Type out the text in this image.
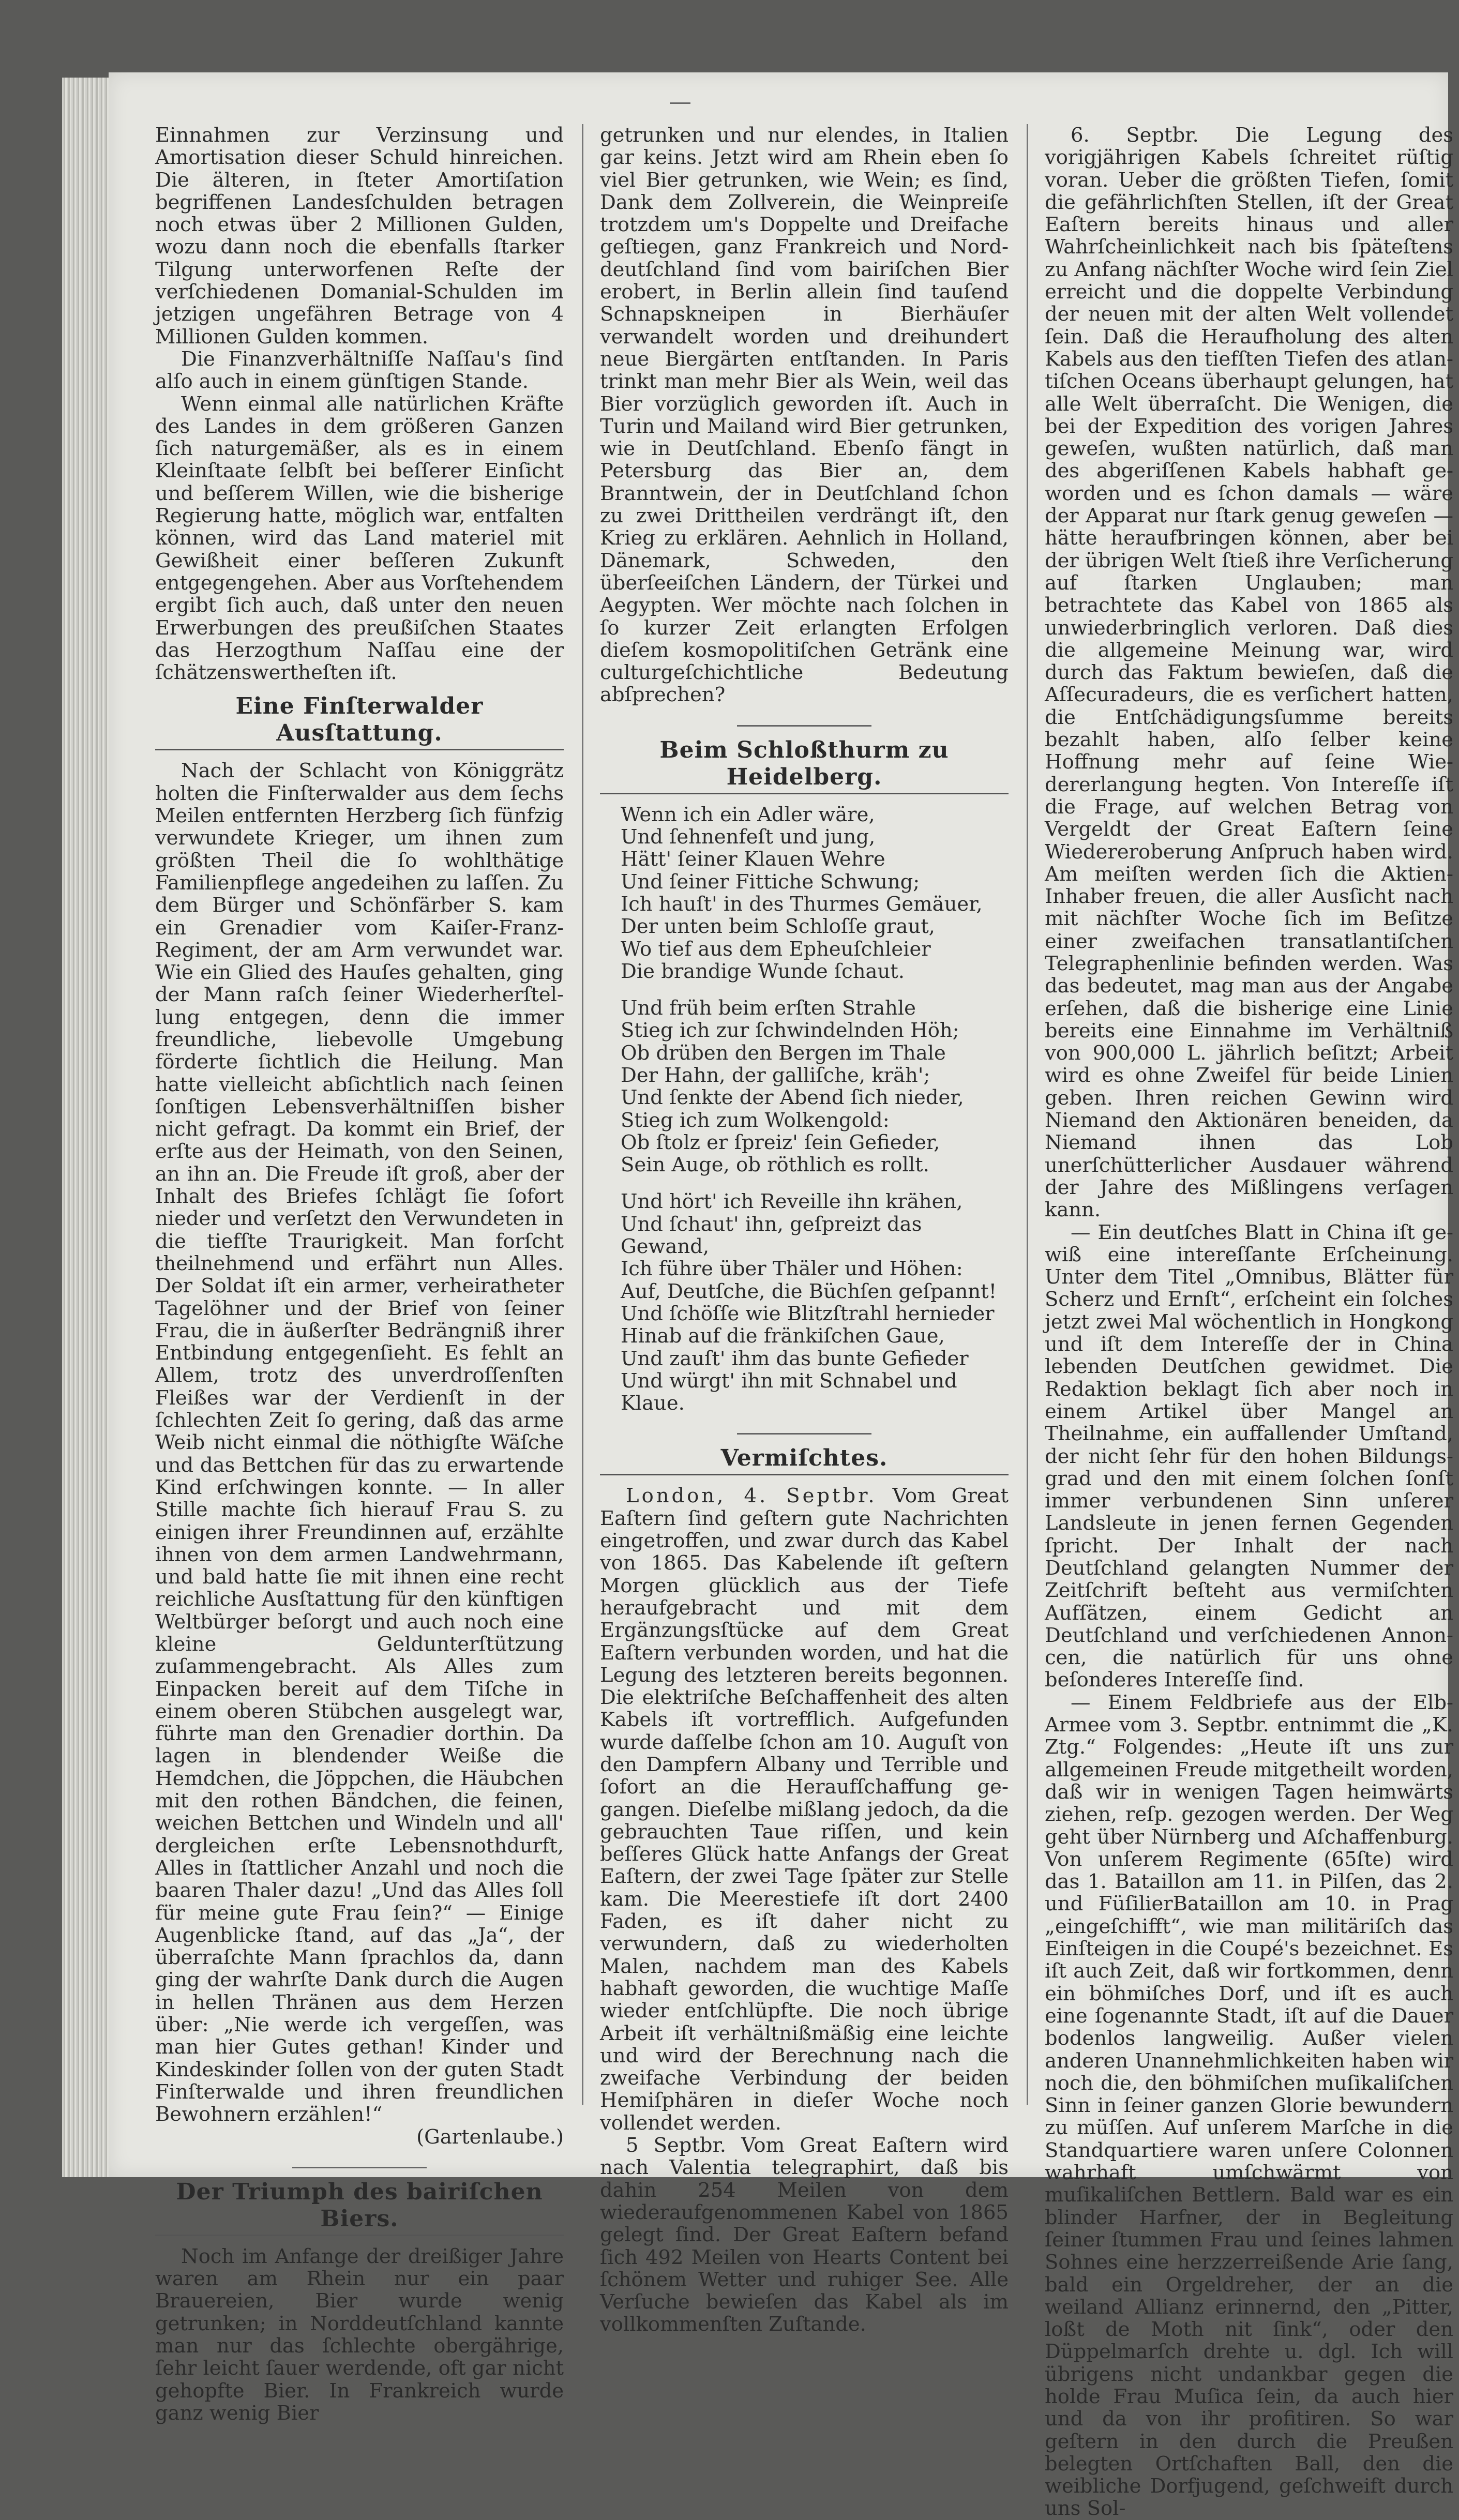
Einnahmen zur Verzinsung und Amortisation dieser Schuld hinreichen. Die älteren, in ſteter Amortiſation begriffenen Landesſchulden betragen noch etwas über 2 Millionen Gulden, wozu dann noch die ebenfalls ſtarker Tilgung unterworfenen Reſte der verſchiedenen Domanial-Schulden im jetzigen ungefähren Betrage von 4 Millionen Gulden kommen.

Die Finanzverhältniſſe Naſſau's ſind alſo auch in einem günſtigen Stande.

Wenn einmal alle natürlichen Kräfte des Landes in dem größeren Ganzen ſich naturgemäßer, als es in einem Kleinſtaate ſelbſt bei beſſerer Einſicht und beſſerem Willen, wie die bisherige Regierung hatte, möglich war, entfalten können, wird das Land materiel mit Gewißheit einer beſſeren Zukunft entgegengehen. Aber aus Vorſtehendem ergibt ſich auch, daß unter den neuen Erwerbungen des preußiſchen Staates das Herzogthum Naſſau eine der ſchätzenswertheſten iſt.

Eine Finſterwalder Ausſtattung.

Nach der Schlacht von Königgrätz holten die Finſterwalder aus dem ſechs Meilen entfernten Herzberg ſich fünfzig verwundete Krieger, um ihnen zum größten Theil die ſo wohlthätige Familienpflege angedeihen zu laſſen. Zu dem Bürger und Schönfärber S. kam ein Grenadier vom Kaiſer-Franz-Regiment, der am Arm verwundet war. Wie ein Glied des Hauſes gehalten, ging der Mann raſch ſeiner Wiederherſtellung entgegen, denn die immer freundliche, liebevolle Umgebung förderte ſichtlich die Heilung. Man hatte vielleicht abſichtlich nach ſeinen ſonſtigen Lebensverhältniſſen bisher nicht gefragt. Da kommt ein Brief, der erſte aus der Heimath, von den Seinen, an ihn an. Die Freude iſt groß, aber der Inhalt des Briefes ſchlägt ſie ſofort nieder und verſetzt den Verwundeten in die tiefſte Traurigkeit. Man forſcht theilnehmend und erfährt nun Alles. Der Soldat iſt ein armer, verheiratheter Tagelöhner und der Brief von ſeiner Frau, die in äußerſter Bedrängniß ihrer Entbindung entgegenſieht. Es fehlt an Allem, trotz des unverdroſſenſten Fleißes war der Verdienſt in der ſchlechten Zeit ſo gering, daß das arme Weib nicht einmal die nöthigſte Wäſche und das Bettchen für das zu erwartende Kind erſchwingen konnte. — In aller Stille machte ſich hierauf Frau S. zu einigen ihrer Freundinnen auf, erzählte ihnen von dem armen Landwehrmann, und bald hatte ſie mit ihnen eine recht reichliche Ausſtattung für den künftigen Weltbürger beſorgt und auch noch eine kleine Geldunterſtützung zuſammengebracht. Als Alles zum Einpacken bereit auf dem Tiſche in einem oberen Stübchen ausgelegt war, führte man den Grenadier dorthin. Da lagen in blendender Weiße die Hemdchen, die Jöppchen, die Häubchen mit den rothen Bändchen, die feinen, weichen Bettchen und Windeln und all' dergleichen erſte Lebensnothdurft, Alles in ſtattlicher Anzahl und noch die baaren Thaler dazu! „Und das Alles ſoll für meine gute Frau ſein?“ — Einige Augenblicke ſtand, auf das „Ja“, der überraſchte Mann ſprachlos da, dann ging der wahrſte Dank durch die Augen in hellen Thränen aus dem Herzen über: „Nie werde ich vergeſſen, was man hier Gutes gethan! Kinder und Kindeskinder ſollen von der guten Stadt Finſterwalde und ihren freundlichen Bewohnern erzählen!“

(Gartenlaube.)

Der Triumph des bairiſchen Biers.

Noch im Anfange der dreißiger Jahre waren am Rhein nur ein paar Brauereien, Bier wurde wenig getrunken; in Norddeutſchland kannte man nur das ſchlechte obergährige, ſehr leicht ſauer werdende, oft gar nicht gehopfte Bier. In Frankreich wurde ganz wenig Bier

getrunken und nur elendes, in Italien gar keins. Jetzt wird am Rhein eben ſo viel Bier getrunken, wie Wein; es ſind, Dank dem Zollverein, die Weinpreiſe trotzdem um's Doppelte und Dreifache geſtiegen, ganz Frankreich und Norddeutſchland ſind vom bairiſchen Bier erobert, in Berlin allein ſind tauſend Schnapskneipen in Bierhäuſer verwandelt worden und dreihundert neue Biergärten entſtanden. In Paris trinkt man mehr Bier als Wein, weil das Bier vorzüglich geworden iſt. Auch in Turin und Mailand wird Bier getrunken, wie in Deutſchland. Ebenſo fängt in Petersburg das Bier an, dem Branntwein, der in Deutſchland ſchon zu zwei Drittheilen verdrängt iſt, den Krieg zu erklären. Aehnlich in Holland, Dänemark, Schweden, den überſeeiſchen Ländern, der Türkei und Aegypten. Wer möchte nach ſolchen in ſo kurzer Zeit erlangten Erfolgen dieſem kosmopolitiſchen Getränk eine culturgeſchichtliche Bedeutung abſprechen?

Beim Schloßthurm zu Heidelberg.
Wenn ich ein Adler wäre,
Und ſehnenfeſt und jung,
Hätt' ſeiner Klauen Wehre
Und ſeiner Fittiche Schwung;
Ich hauſt' in des Thurmes Gemäuer,
Der unten beim Schloſſe graut,
Wo tief aus dem Epheuſchleier
Die brandige Wunde ſchaut.
Und früh beim erſten Strahle
Stieg ich zur ſchwindelnden Höh;
Ob drüben den Bergen im Thale
Der Hahn, der galliſche, kräh';
Und ſenkte der Abend ſich nieder,
Stieg ich zum Wolkengold:
Ob ſtolz er ſpreiz' ſein Gefieder,
Sein Auge, ob röthlich es rollt.
Und hört' ich Reveille ihn krähen,
Und ſchaut' ihn, geſpreizt das Gewand,
Ich führe über Thäler und Höhen:
Auf, Deutſche, die Büchſen geſpannt!
Und ſchöſſe wie Blitzſtrahl hernieder
Hinab auf die fränkiſchen Gaue,
Und zauſt' ihm das bunte Gefieder
Und würgt' ihn mit Schnabel und Klaue.
Vermiſchtes.

London, 4. Septbr. Vom Great Eaſtern ſind geſtern gute Nachrichten eingetroffen, und zwar durch das Kabel von 1865. Das Kabelende iſt geſtern Morgen glücklich aus der Tiefe heraufgebracht und mit dem Ergänzungsſtücke auf dem Great Eaſtern verbunden worden, und hat die Legung des letzteren bereits begonnen. Die elektriſche Beſchaffenheit des alten Kabels iſt vortrefflich. Aufgefunden wurde daſſelbe ſchon am 10. Auguſt von den Dampfern Albany und Terrible und ſofort an die Heraufſchaffung gegangen. Dieſelbe mißlang jedoch, da die gebrauchten Taue riſſen, und kein beſſeres Glück hatte Anfangs der Great Eaſtern, der zwei Tage ſpäter zur Stelle kam. Die Meerestiefe iſt dort 2400 Faden, es iſt daher nicht zu verwundern, daß zu wiederholten Malen, nachdem man des Kabels habhaft geworden, die wuchtige Maſſe wieder entſchlüpfte. Die noch übrige Arbeit iſt verhältnißmäßig eine leichte und wird der Berechnung nach die zweifache Verbindung der beiden Hemiſphären in dieſer Woche noch vollendet werden.

5 Septbr. Vom Great Eaſtern wird nach Valentia telegraphirt, daß bis dahin 254 Meilen von dem wiederaufgenommenen Kabel von 1865 gelegt ſind. Der Great Eaſtern befand ſich 492 Meilen von Hearts Content bei ſchönem Wetter und ruhiger See. Alle Verſuche bewieſen das Kabel als im vollkommenſten Zuſtande.

6. Septbr. Die Legung des vorigjährigen Kabels ſchreitet rüſtig voran. Ueber die größten Tiefen, ſomit die gefährlichſten Stellen, iſt der Great Eaſtern bereits hinaus und aller Wahrſcheinlichkeit nach bis ſpäteſtens zu Anfang nächſter Woche wird ſein Ziel erreicht und die doppelte Verbindung der neuen mit der alten Welt vollendet ſein. Daß die Heraufholung des alten Kabels aus den tiefſten Tiefen des atlantiſchen Oceans überhaupt gelungen, hat alle Welt überraſcht. Die Wenigen, die bei der Expedition des vorigen Jahres geweſen, wußten natürlich, daß man des abgeriſſenen Kabels habhaft geworden und es ſchon damals — wäre der Apparat nur ſtark genug geweſen — hätte heraufbringen können, aber bei der übrigen Welt ſtieß ihre Verſicherung auf ſtarken Unglauben; man betrachtete das Kabel von 1865 als unwiederbringlich verloren. Daß dies die allgemeine Meinung war, wird durch das Faktum bewieſen, daß die Aſſecuradeurs, die es verſichert hatten, die Entſchädigungsſumme bereits bezahlt haben, alſo ſelber keine Hoffnung mehr auf ſeine Wiedererlangung hegten. Von Intereſſe iſt die Frage, auf welchen Betrag von Vergeldt der Great Eaſtern ſeine Wiedereroberung Anſpruch haben wird. Am meiſten werden ſich die AktienInhaber freuen, die aller Ausſicht nach mit nächſter Woche ſich im Beſitze einer zweifachen transatlantiſchen Telegraphenlinie befinden werden. Was das bedeutet, mag man aus der Angabe erſehen, daß die bisherige eine Linie bereits eine Einnahme im Verhältniß von 900,000 L. jährlich beſitzt; Arbeit wird es ohne Zweifel für beide Linien geben. Ihren reichen Gewinn wird Niemand den Aktionären beneiden, da Niemand ihnen das Lob unerſchütterlicher Ausdauer während der Jahre des Mißlingens verſagen kann.

— Ein deutſches Blatt in China iſt gewiß eine intereſſante Erſcheinung. Unter dem Titel „Omnibus, Blätter für Scherz und Ernſt“, erſcheint ein ſolches jetzt zwei Mal wöchentlich in Hongkong und iſt dem Intereſſe der in China lebenden Deutſchen gewidmet. Die Redaktion beklagt ſich aber noch in einem Artikel über Mangel an Theilnahme, ein auffallender Umſtand, der nicht ſehr für den hohen Bildungsgrad und den mit einem ſolchen ſonſt immer verbundenen Sinn unſerer Landsleute in jenen fernen Gegenden ſpricht. Der Inhalt der nach Deutſchland gelangten Nummer der Zeitſchrift beſteht aus vermiſchten Aufſätzen, einem Gedicht an Deutſchland und verſchiedenen Annoncen, die natürlich für uns ohne beſonderes Intereſſe ſind.

— Einem Feldbriefe aus der Elb-Armee vom 3. Septbr. entnimmt die „K. Ztg.“ Folgendes: „Heute iſt uns zur allgemeinen Freude mitgetheilt worden, daß wir in wenigen Tagen heimwärts ziehen, reſp. gezogen werden. Der Weg geht über Nürnberg und Aſchaffenburg. Von unſerem Regimente (65ſte) wird das 1. Bataillon am 11. in Pilſen, das 2. und FüſilierBataillon am 10. in Prag „eingeſchifft“, wie man militäriſch das Einſteigen in die Coupé's bezeichnet. Es iſt auch Zeit, daß wir fortkommen, denn ein böhmiſches Dorf, und iſt es auch eine ſogenannte Stadt, iſt auf die Dauer bodenlos langweilig. Außer vielen anderen Unannehmlichkeiten haben wir noch die, den böhmiſchen muſikaliſchen Sinn in ſeiner ganzen Glorie bewundern zu müſſen. Auf unſerem Marſche in die Standquartiere waren unſere Colonnen wahrhaft umſchwärmt von muſikaliſchen Bettlern. Bald war es ein blinder Harfner, der in Begleitung ſeiner ſtummen Frau und ſeines lahmen Sohnes eine herzzerreißende Arie ſang, bald ein Orgeldreher, der an die weiland Allianz erinnernd, den „Pitter, loßt de Moth nit ſink“, oder den Düppelmarſch drehte u. dgl. Ich will übrigens nicht undankbar gegen die holde Frau Muſica ſein, da auch hier und da von ihr profitiren. So war geſtern in den durch die Preußen belegten Ortſchaften Ball, den die weibliche Dorfjugend, geſchweift durch uns Sol-
